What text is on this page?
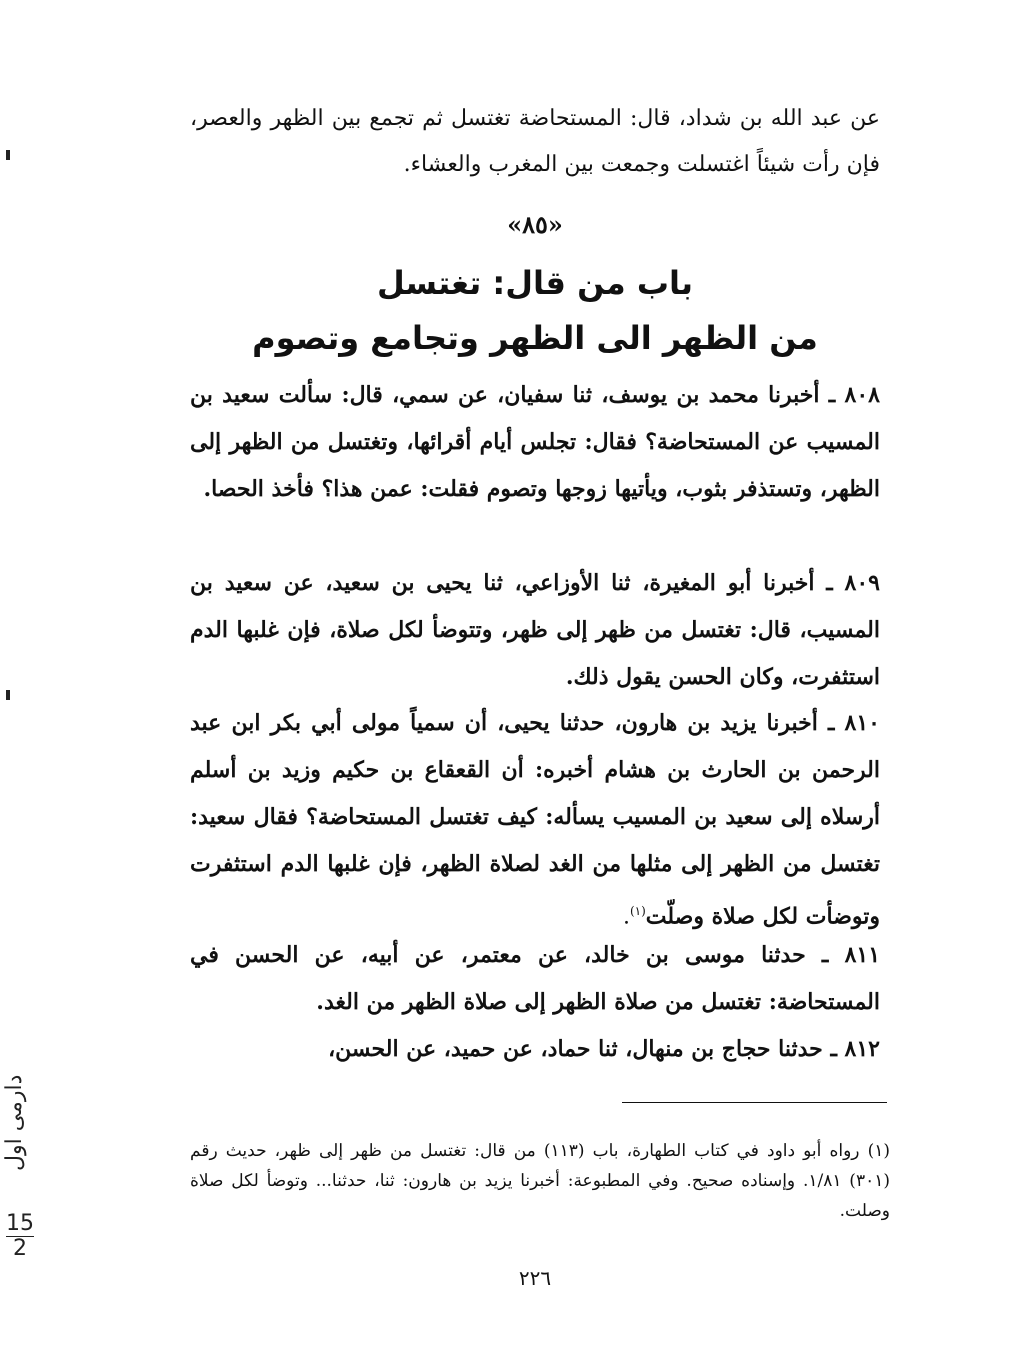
عن عبد الله بن شداد، قال: المستحاضة تغتسل ثم تجمع بين الظهر والعصر، فإن رأت شيئاً اغتسلت وجمعت بين المغرب والعشاء.

«٨٥»
باب من قال: تغتسل
من الظهر الى الظهر وتجامع وتصوم

٨٠٨ ـ أخبرنا محمد بن يوسف، ثنا سفيان، عن سمي، قال: سألت سعيد بن المسيب عن المستحاضة؟ فقال: تجلس أيام أقرائها، وتغتسل من الظهر إلى الظهر، وتستذفر بثوب، ويأتيها زوجها وتصوم فقلت: عمن هذا؟ فأخذ الحصا.

٨٠٩ ـ أخبرنا أبو المغيرة، ثنا الأوزاعي، ثنا يحيى بن سعيد، عن سعيد بن المسيب، قال: تغتسل من ظهر إلى ظهر، وتتوضأ لكل صلاة، فإن غلبها الدم استثفرت، وكان الحسن يقول ذلك.

٨١٠ ـ أخبرنا يزيد بن هارون، حدثنا يحيى، أن سمياً مولى أبي بكر ابن عبد الرحمن بن الحارث بن هشام أخبره: أن القعقاع بن حكيم وزيد بن أسلم أرسلاه إلى سعيد بن المسيب يسأله: كيف تغتسل المستحاضة؟ فقال سعيد: تغتسل من الظهر إلى مثلها من الغد لصلاة الظهر، فإن غلبها الدم استثفرت وتوضأت لكل صلاة وصلّت$^{(١)}$.

٨١١ ـ حدثنا موسى بن خالد، عن معتمر، عن أبيه، عن الحسن في المستحاضة: تغتسل من صلاة الظهر إلى صلاة الظهر من الغد.

٨١٢ ـ حدثنا حجاج بن منهال، ثنا حماد، عن حميد، عن الحسن،

(١) رواه أبو داود في كتاب الطهارة، باب (١١٣) من قال: تغتسل من ظهر إلى ظهر، حديث رقم (٣٠١) ١/٨١. وإسناده صحيح. وفي المطبوعة: أخبرنا يزيد بن هارون: ثنا، حدثنا... وتوضأ لكل صلاة وصلت.

٢٢٦
دارمی اول
15
2
